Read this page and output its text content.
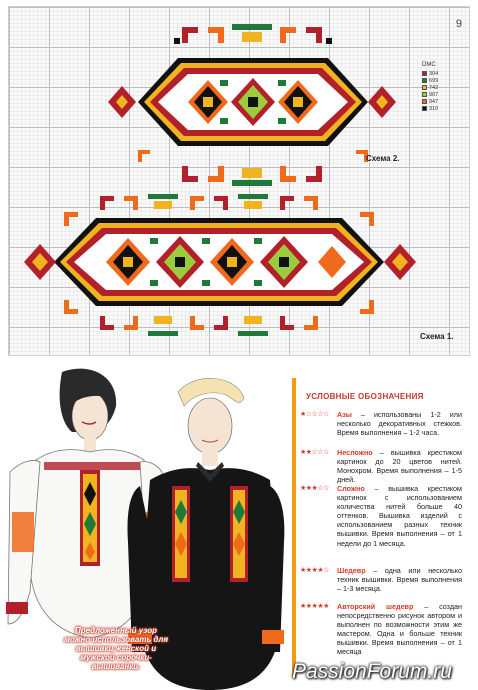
9
DMC
304
699
742
907
947
310
Схема 2.
Схема 1.
Предложенный узор можно использовать для вышивки женской и мужской сорочки-вышиванки.
УСЛОВНЫЕ ОБОЗНАЧЕНИЯ
★☆☆☆☆	Азы – использованы 1-2 или несколько декоративных стежков. Время выполнения – 1-2 часа.
★★☆☆☆	Несложно – вышивка крестиком картинок до 20 цветов нитей. Монохром. Время выполнения – 1-5 дней.
★★★☆☆	Сложно – вышивка крестиком картинок с использованием количества нитей больше 40 оттенков. Вышивка изделий с использованием разных техник вышивки. Время выполнения – от 1 недели до 1 месяца.
★★★★☆	Шедевр – одна или несколько техник вышивки. Время выполнения – 1-3 месяца.
★★★★★	Авторский шедевр – создан непосредственно рисунок автором и выполнен по возможности этим же мастером. Одна и больше техник вышивки. Время выполнения – от 1 месяца
PassionForum.ru
